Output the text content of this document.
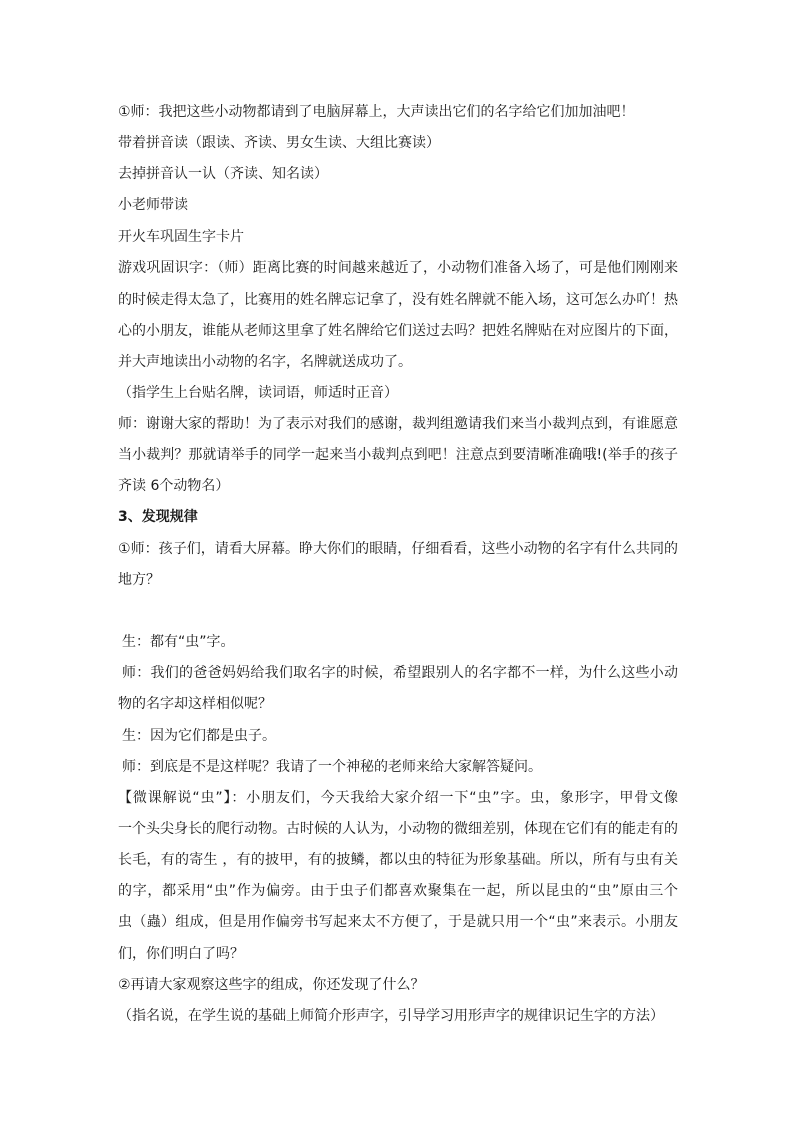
①师：我把这些小动物都请到了电脑屏幕上，大声读出它们的名字给它们加加油吧！
带着拼音读（跟读、齐读、男女生读、大组比赛读）
去掉拼音认一认（齐读、知名读）
小老师带读
开火车巩固生字卡片
游戏巩固识字：（师）距离比赛的时间越来越近了，小动物们准备入场了，可是他们刚刚来
的时候走得太急了，比赛用的姓名牌忘记拿了，没有姓名牌就不能入场，这可怎么办吖！热
心的小朋友，谁能从老师这里拿了姓名牌给它们送过去吗？把姓名牌贴在对应图片的下面，
并大声地读出小动物的名字，名牌就送成功了。
（指学生上台贴名牌，读词语，师适时正音）
师：谢谢大家的帮助！为了表示对我们的感谢，裁判组邀请我们来当小裁判点到，有谁愿意
当小裁判？那就请举手的同学一起来当小裁判点到吧！注意点到要清晰准确哦!(举手的孩子
齐读 6个动物名）
3、发现规律
①师：孩子们，请看大屏幕。睁大你们的眼睛，仔细看看，这些小动物的名字有什么共同的
地方？
生：都有“虫”字。
师：我们的爸爸妈妈给我们取名字的时候，希望跟别人的名字都不一样，为什么这些小动
物的名字却这样相似呢？
生：因为它们都是虫子。
师：到底是不是这样呢？我请了一个神秘的老师来给大家解答疑问。
【微课解说“虫”】：小朋友们，今天我给大家介绍一下“虫”字。虫，象形字，甲骨文像
一个头尖身长的爬行动物。古时候的人认为，小动物的微细差别，体现在它们有的能走有的
长毛，有的寄生 ，有的披甲，有的披鳞，都以虫的特征为形象基础。所以，所有与虫有关
的字，都采用“虫”作为偏旁。由于虫子们都喜欢聚集在一起，所以昆虫的“虫”原由三个
虫（蟲）组成，但是用作偏旁书写起来太不方便了，于是就只用一个“虫”来表示。小朋友
们，你们明白了吗？
②再请大家观察这些字的组成，你还发现了什么？
（指名说，在学生说的基础上师简介形声字，引导学习用形声字的规律识记生字的方法）
